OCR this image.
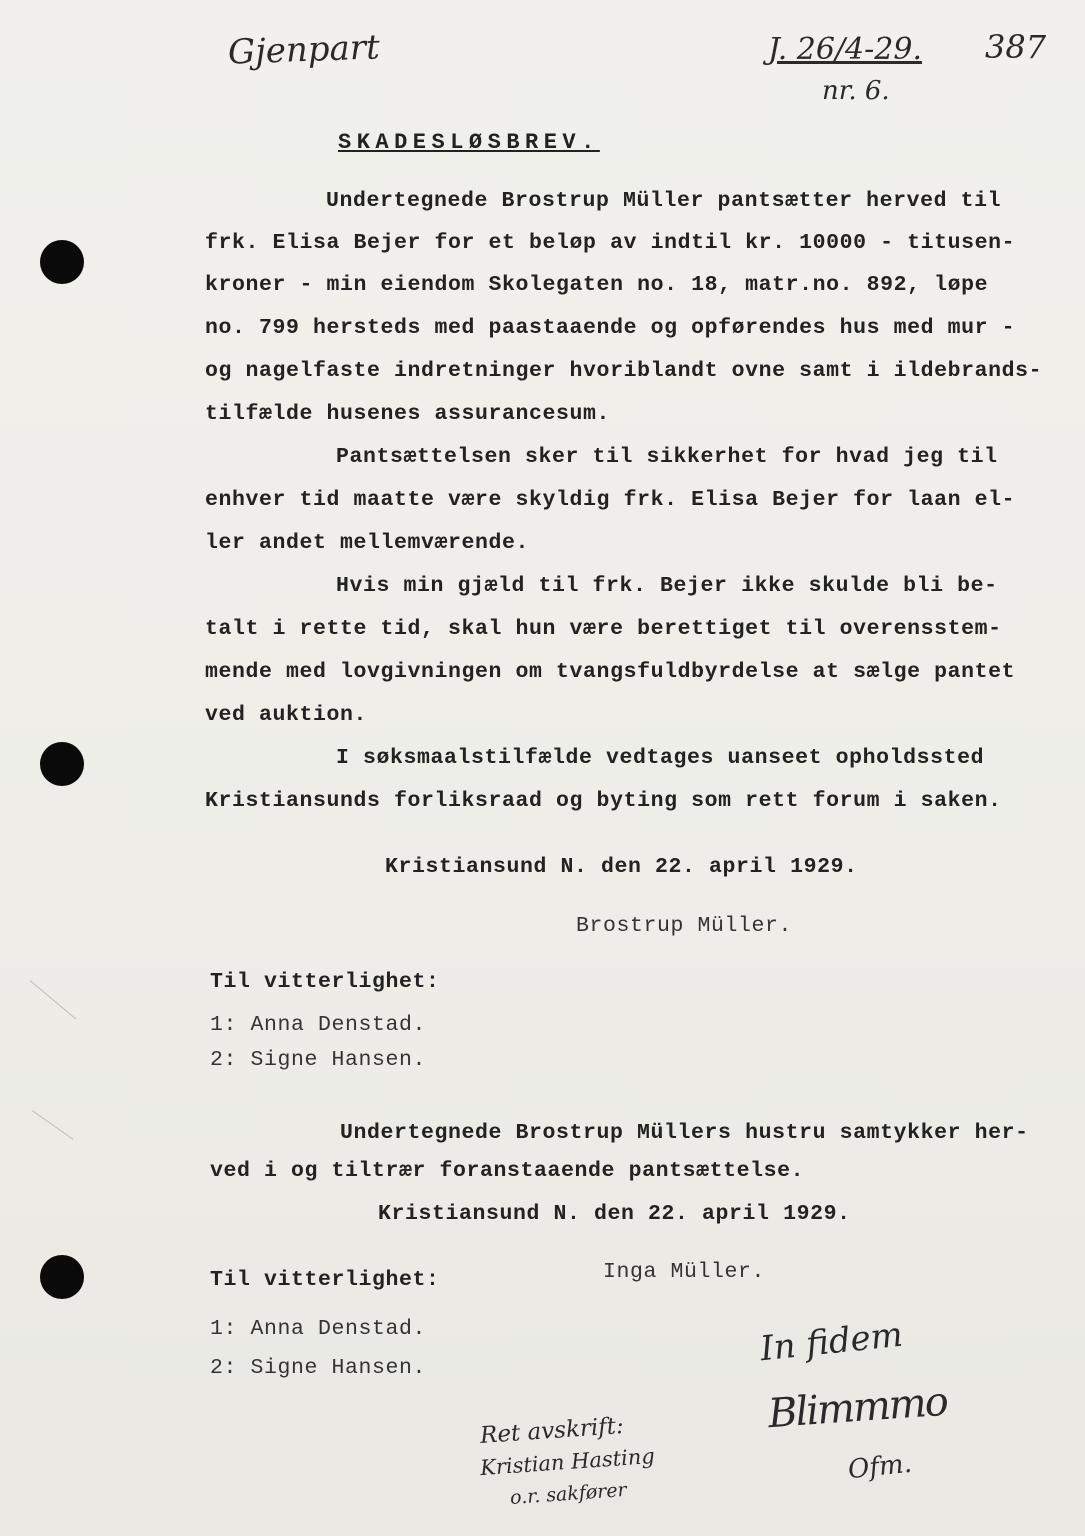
Gjenpart	J. 26/4-29.
nr. 6.
387
SKADESLØSBREV.
Undertegnede Brostrup Müller pantsætter herved til
frk. Elisa Bejer for et beløp av indtil kr. 10000 - titusen-
kroner - min eiendom Skolegaten no. 18, matr.no. 892, løpe
no. 799 hersteds med paastaaende og opførendes hus med mur -
og nagelfaste indretninger hvoriblandt ovne samt i ildebrands-
tilfælde husenes assurancesum.
Pantsættelsen sker til sikkerhet for hvad jeg til
enhver tid maatte være skyldig frk. Elisa Bejer for laan el-
ler andet mellemværende.
Hvis min gjæld til frk. Bejer ikke skulde bli be-
talt i rette tid, skal hun være berettiget til overensstem-
mende med lovgivningen om tvangsfuldbyrdelse at sælge pantet
ved auktion.
I søksmaalstilfælde vedtages uanseet opholdssted
Kristiansunds forliksraad og byting som rett forum i saken.
Kristiansund N. den 22. april 1929.
Brostrup Müller.
Til vitterlighet:
1: Anna Denstad.
2: Signe Hansen.
Undertegnede Brostrup Müllers hustru samtykker her-
ved i og tiltrær foranstaaende pantsættelse.
Kristiansund N. den 22. april 1929.
Inga Müller.
Til vitterlighet:
1: Anna Denstad.
2: Signe Hansen.
Ret avskrift:
Kristian Hasting
o.r. sakfører
In fidem
Blimmmo
Ofm.
